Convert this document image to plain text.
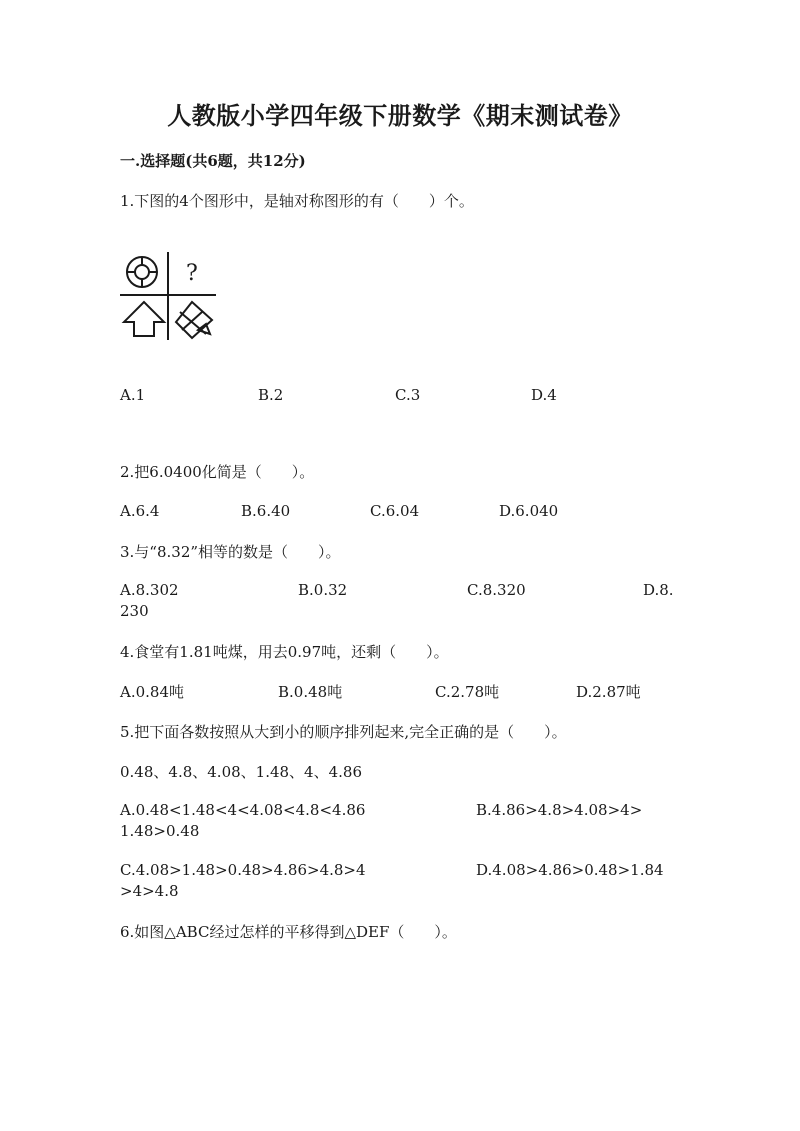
人教版小学四年级下册数学《期末测试卷》
一.选择题(共6题，共12分)
1.下图的4个图形中，是轴对称图形的有（　　）个。
?
A.1	B.2	C.3	D.4
2.把6.0400化简是（　　）。
A.6.4	B.6.40	C.6.04	D.6.040
3.与“8.32”相等的数是（　　）。
A.8.302	B.0.32	C.8.320	D.8.
230
4.食堂有1.81吨煤，用去0.97吨，还剩（　　）。
A.0.84吨	B.0.48吨	C.2.78吨	D.2.87吨
5.把下面各数按照从大到小的顺序排列起来,完全正确的是（　　）。
0.48、4.8、4.08、1.48、4、4.86
A.0.48<1.48<4<4.08<4.8<4.86	B.4.86>4.8>4.08>4>
1.48>0.48
C.4.08>1.48>0.48>4.86>4.8>4	D.4.08>4.86>0.48>1.84
>4>4.8
6.如图△ABC经过怎样的平移得到△DEF（　　）。
